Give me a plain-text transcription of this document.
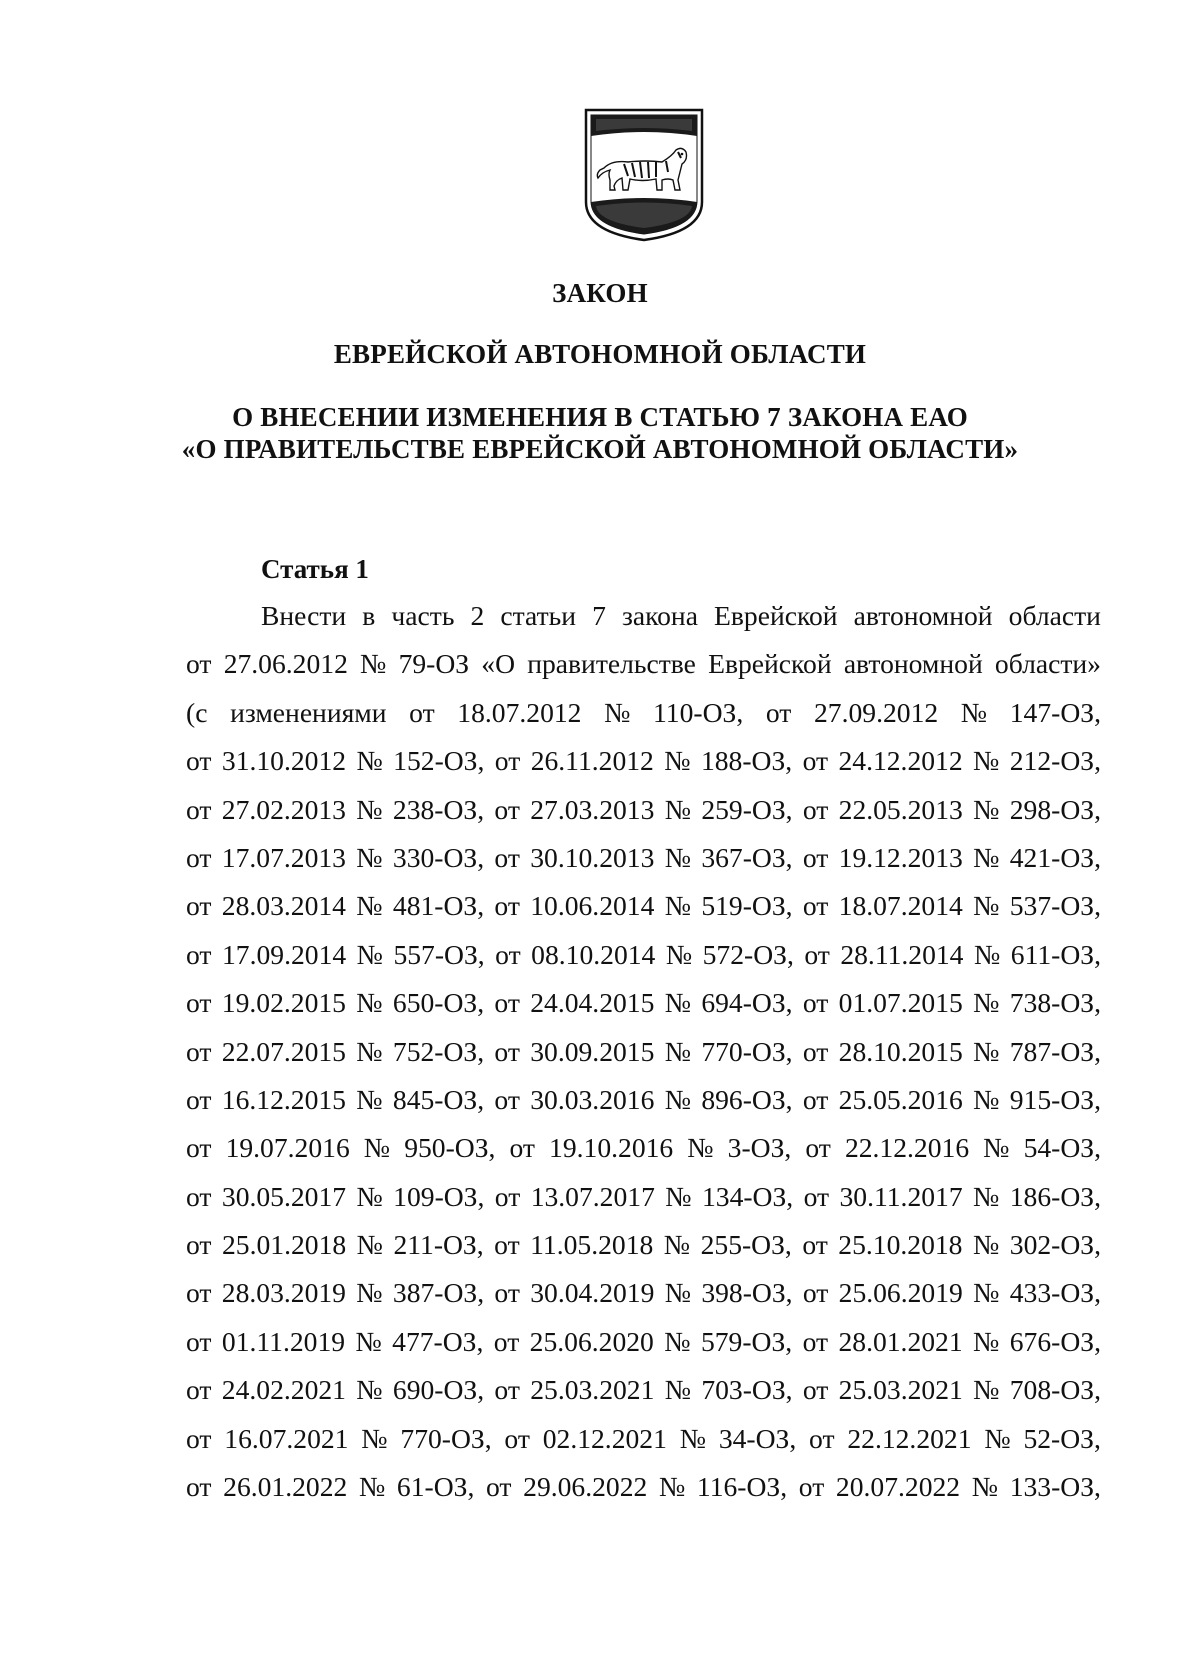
ЗАКОН
ЕВРЕЙСКОЙ АВТОНОМНОЙ ОБЛАСТИ
О ВНЕСЕНИИ ИЗМЕНЕНИЯ В СТАТЬЮ 7 ЗАКОНА ЕАО
«О ПРАВИТЕЛЬСТВЕ ЕВРЕЙСКОЙ АВТОНОМНОЙ ОБЛАСТИ»
Статья 1
Внести в часть 2 статьи 7 закона Еврейской автономной области
от 27.06.2012 № 79-ОЗ «О правительстве Еврейской автономной области»
(с изменениями от 18.07.2012 № 110-ОЗ, от 27.09.2012 № 147-ОЗ,
от 31.10.2012 № 152-ОЗ, от 26.11.2012 № 188-ОЗ, от 24.12.2012 № 212-ОЗ,
от 27.02.2013 № 238-ОЗ, от 27.03.2013 № 259-ОЗ, от 22.05.2013 № 298-ОЗ,
от 17.07.2013 № 330-ОЗ, от 30.10.2013 № 367-ОЗ, от 19.12.2013 № 421-ОЗ,
от 28.03.2014 № 481-ОЗ, от 10.06.2014 № 519-ОЗ, от 18.07.2014 № 537-ОЗ,
от 17.09.2014 № 557-ОЗ, от 08.10.2014 № 572-ОЗ, от 28.11.2014 № 611-ОЗ,
от 19.02.2015 № 650-ОЗ, от 24.04.2015 № 694-ОЗ, от 01.07.2015 № 738-ОЗ,
от 22.07.2015 № 752-ОЗ, от 30.09.2015 № 770-ОЗ, от 28.10.2015 № 787-ОЗ,
от 16.12.2015 № 845-ОЗ, от 30.03.2016 № 896-ОЗ, от 25.05.2016 № 915-ОЗ,
от 19.07.2016 № 950-ОЗ, от 19.10.2016 № 3-ОЗ, от 22.12.2016 № 54-ОЗ,
от 30.05.2017 № 109-ОЗ, от 13.07.2017 № 134-ОЗ, от 30.11.2017 № 186-ОЗ,
от 25.01.2018 № 211-ОЗ, от 11.05.2018 № 255-ОЗ, от 25.10.2018 № 302-ОЗ,
от 28.03.2019 № 387-ОЗ, от 30.04.2019 № 398-ОЗ, от 25.06.2019 № 433-ОЗ,
от 01.11.2019 № 477-ОЗ, от 25.06.2020 № 579-ОЗ, от 28.01.2021 № 676-ОЗ,
от 24.02.2021 № 690-ОЗ, от 25.03.2021 № 703-ОЗ, от 25.03.2021 № 708-ОЗ,
от 16.07.2021 № 770-ОЗ, от 02.12.2021 № 34-ОЗ, от 22.12.2021 № 52-ОЗ,
от 26.01.2022 № 61-ОЗ, от 29.06.2022 № 116-ОЗ, от 20.07.2022 № 133-ОЗ,
